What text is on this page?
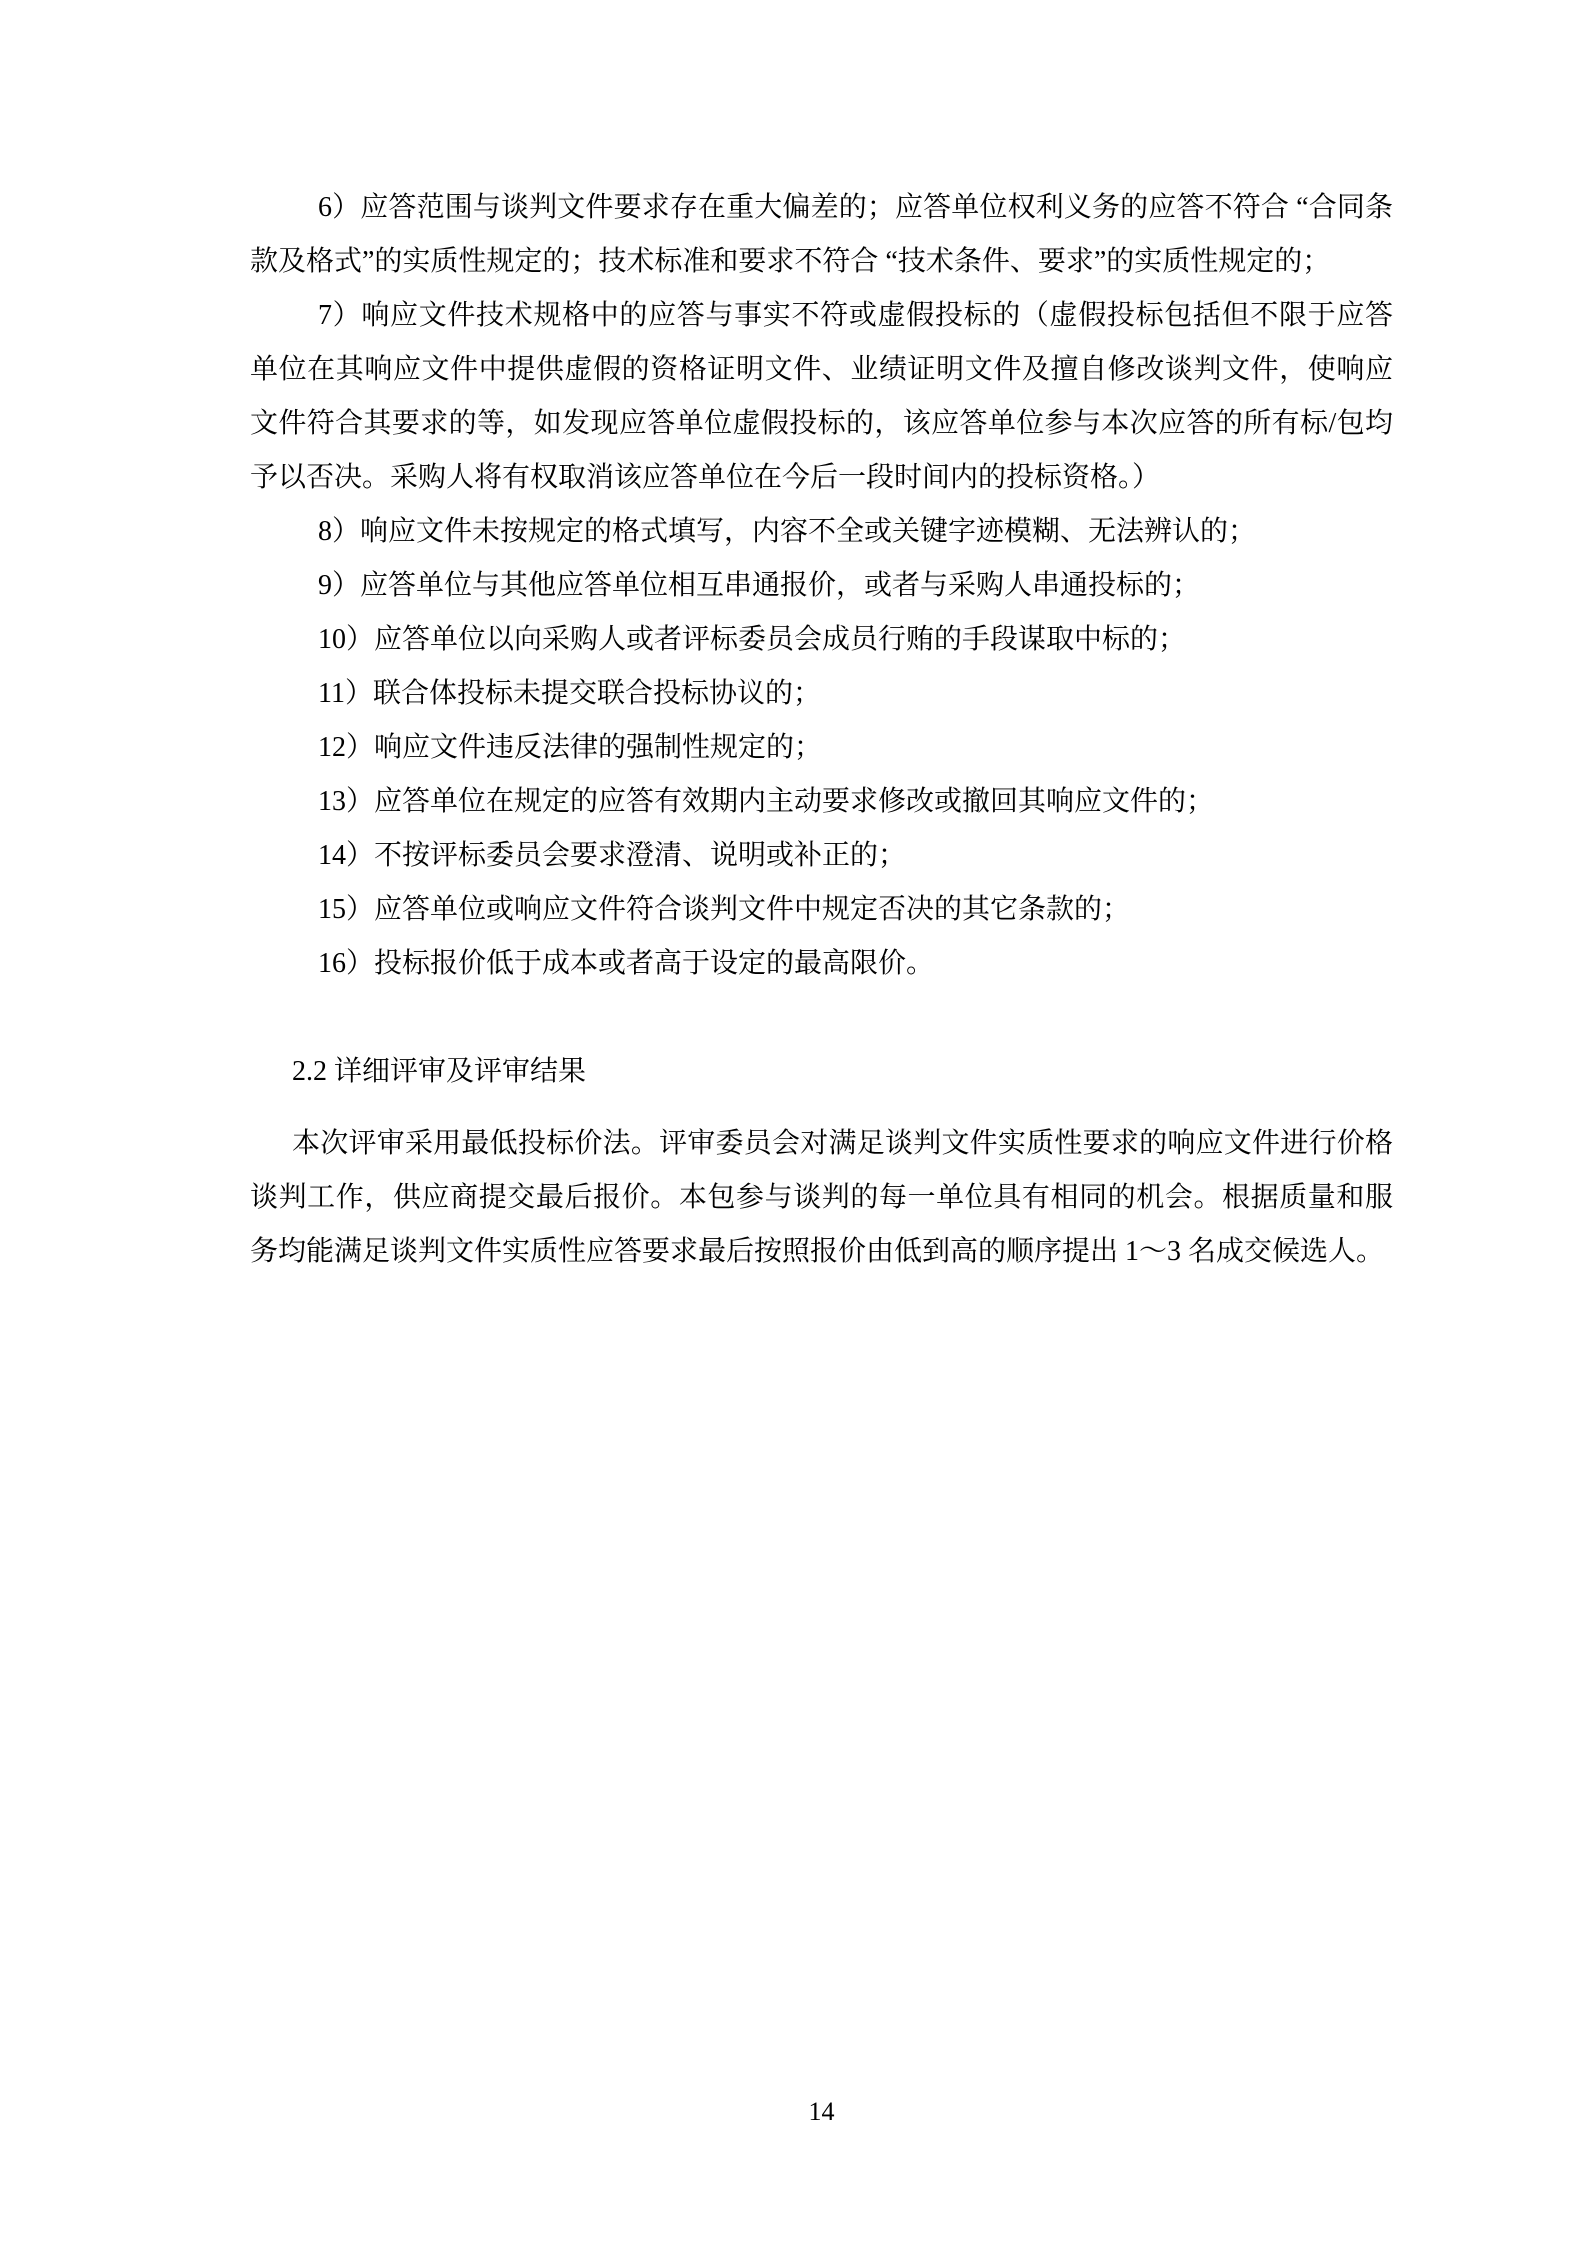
6）应答范围与谈判文件要求存在重大偏差的；应答单位权利义务的应答不符合 “合同条款及格式”的实质性规定的；技术标准和要求不符合 “技术条件、要求”的实质性规定的；

7）响应文件技术规格中的应答与事实不符或虚假投标的（虚假投标包括但不限于应答单位在其响应文件中提供虚假的资格证明文件、业绩证明文件及擅自修改谈判文件，使响应文件符合其要求的等，如发现应答单位虚假投标的，该应答单位参与本次应答的所有标/包均予以否决。采购人将有权取消该应答单位在今后一段时间内的投标资格。）

8）响应文件未按规定的格式填写，内容不全或关键字迹模糊、无法辨认的；

9）应答单位与其他应答单位相互串通报价，或者与采购人串通投标的；

10）应答单位以向采购人或者评标委员会成员行贿的手段谋取中标的；

11）联合体投标未提交联合投标协议的；

12）响应文件违反法律的强制性规定的；

13）应答单位在规定的应答有效期内主动要求修改或撤回其响应文件的；

14）不按评标委员会要求澄清、说明或补正的；

15）应答单位或响应文件符合谈判文件中规定否决的其它条款的；

16）投标报价低于成本或者高于设定的最高限价。

2.2 详细评审及评审结果

本次评审采用最低投标价法。评审委员会对满足谈判文件实质性要求的响应文件进行价格谈判工作，供应商提交最后报价。本包参与谈判的每一单位具有相同的机会。根据质量和服务均能满足谈判文件实质性应答要求最后按照报价由低到高的顺序提出 1～3 名成交候选人。

14
